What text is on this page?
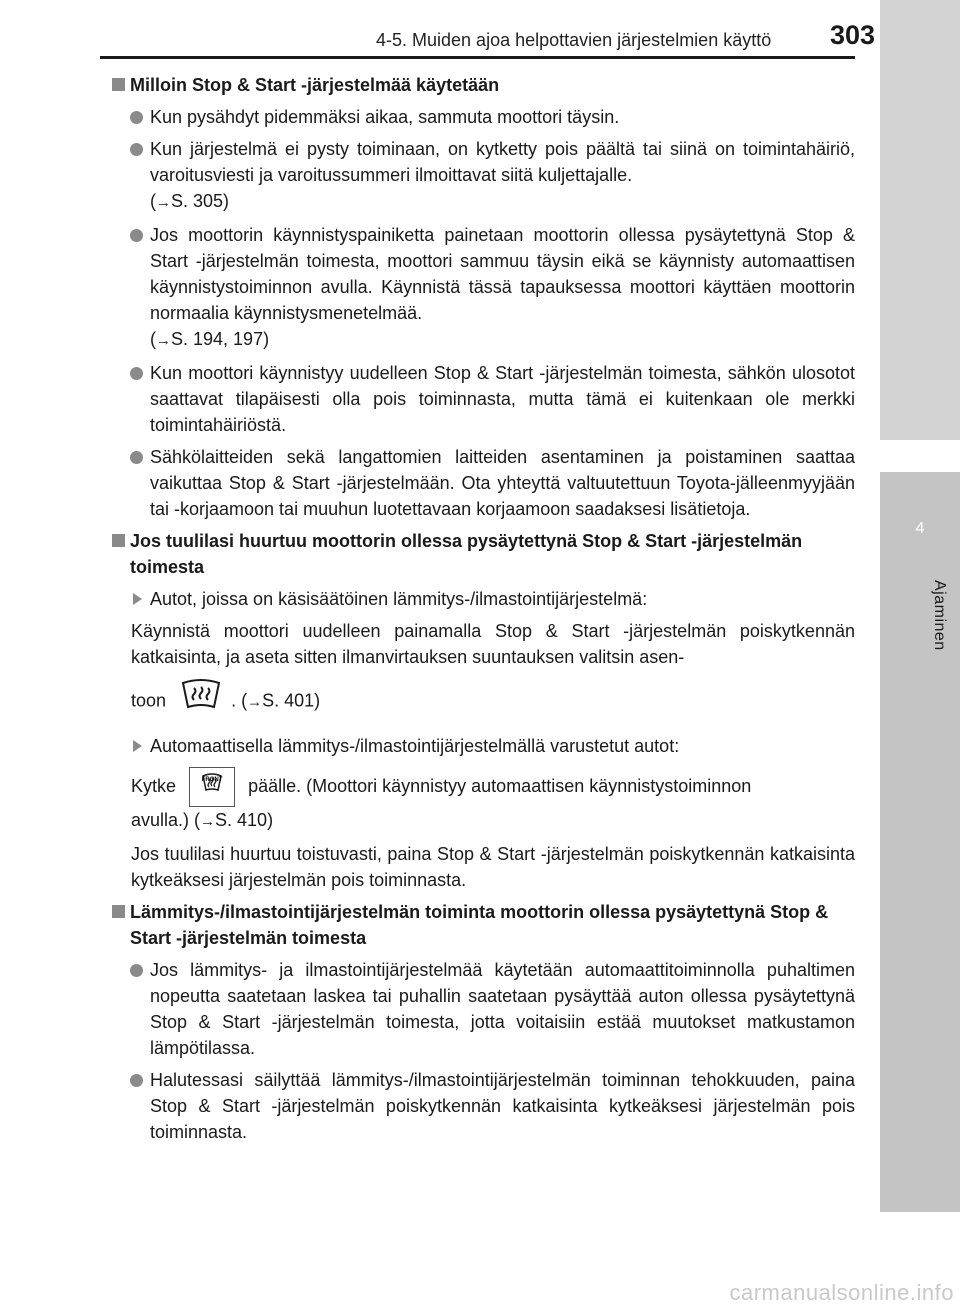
4-5. Muiden ajoa helpottavien järjestelmien käyttö 303
4
Ajaminen
Milloin Stop & Start -järjestelmää käytetään
Kun pysähdyt pidemmäksi aikaa, sammuta moottori täysin.
Kun järjestelmä ei pysty toiminaan, on kytketty pois päältä tai siinä on toimintahäiriö, varoitusviesti ja varoitussummeri ilmoittavat siitä kuljettajalle.
(→S. 305)
Jos moottorin käynnistyspainiketta painetaan moottorin ollessa pysäytettynä Stop & Start -järjestelmän toimesta, moottori sammuu täysin eikä se käynnisty automaattisen käynnistystoiminnon avulla. Käynnistä tässä tapauksessa moottori käyttäen moottorin normaalia käynnistysmenetelmää.
(→S. 194, 197)
Kun moottori käynnistyy uudelleen Stop & Start -järjestelmän toimesta, sähkön ulosotot saattavat tilapäisesti olla pois toiminnasta, mutta tämä ei kuitenkaan ole merkki toimintahäiriöstä.
Sähkölaitteiden sekä langattomien laitteiden asentaminen ja poistaminen saattaa vaikuttaa Stop & Start -järjestelmään. Ota yhteyttä valtuutettuun Toyota-jälleenmyyjään tai -korjaamoon tai muuhun luotettavaan korjaamoon saadaksesi lisätietoja.
Jos tuulilasi huurtuu moottorin ollessa pysäytettynä Stop & Start -järjestelmän toimesta
Autot, joissa on käsisäätöinen lämmitys-/ilmastointijärjestelmä:
Käynnistä moottori uudelleen painamalla Stop & Start -järjestelmän poiskytkennän katkaisinta, ja aseta sitten ilmanvirtauksen suuntauksen valitsin asen-
toon	. (→S. 401)
Automaattisella lämmitys-/ilmastointijärjestelmällä varustetut autot:
Kytke	FRONT	päälle. (Moottori käynnistyy automaattisen käynnistystoiminnon
avulla.) (→S. 410)
Jos tuulilasi huurtuu toistuvasti, paina Stop & Start -järjestelmän poiskytkennän katkaisinta kytkeäksesi järjestelmän pois toiminnasta.
Lämmitys-/ilmastointijärjestelmän toiminta moottorin ollessa pysäytettynä Stop & Start -järjestelmän toimesta
Jos lämmitys- ja ilmastointijärjestelmää käytetään automaattitoiminnolla puhaltimen nopeutta saatetaan laskea tai puhallin saatetaan pysäyttää auton ollessa pysäytettynä Stop & Start -järjestelmän toimesta, jotta voitaisiin estää muutokset matkustamon lämpötilassa.
Halutessasi säilyttää lämmitys-/ilmastointijärjestelmän toiminnan tehokkuuden, paina Stop & Start -järjestelmän poiskytkennän katkaisinta kytkeäksesi järjestelmän pois toiminnasta.
carmanualsonline.info
